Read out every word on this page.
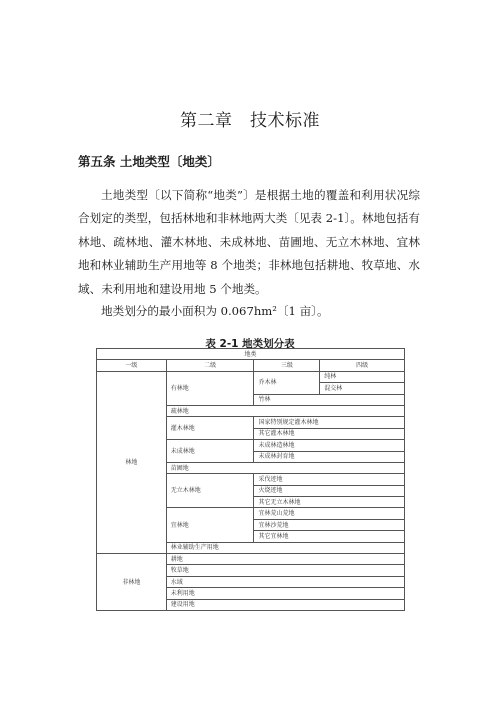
第二章　技术标准
第五条 土地类型〔地类〕

土地类型〔以下简称“地类”〕是根据土地的覆盖和利用状况综合划定的类型，包括林地和非林地两大类〔见表 2-1〕。林地包括有林地、疏林地、灌木林地、未成林地、苗圃地、无立木林地、宜林地和林业辅助生产用地等 8 个地类；非林地包括耕地、牧草地、水域、未利用地和建设用地 5 个地类。

地类划分的最小面积为 0.067hm²〔1 亩〕。

表 2-1 地类划分表
地类			
一级	二级	三级	四级
林地	有林地	乔木林	纯林
			混交林
		竹林	
	疏林地		
	灌木林地	国家特别规定灌木林地	
		其它灌木林地	
	未成林地	未成林造林地	
		未成林封育地	
	苗圃地		
	无立木林地	采伐迹地	
		火烧迹地	
		其它无立木林地	
	宜林地	宜林荒山荒地	
		宜林沙荒地	
		其它宜林地	
	林业辅助生产用地		
非林地	耕地		
	牧草地		
	水域		
	未利用地		
	建设用地		
